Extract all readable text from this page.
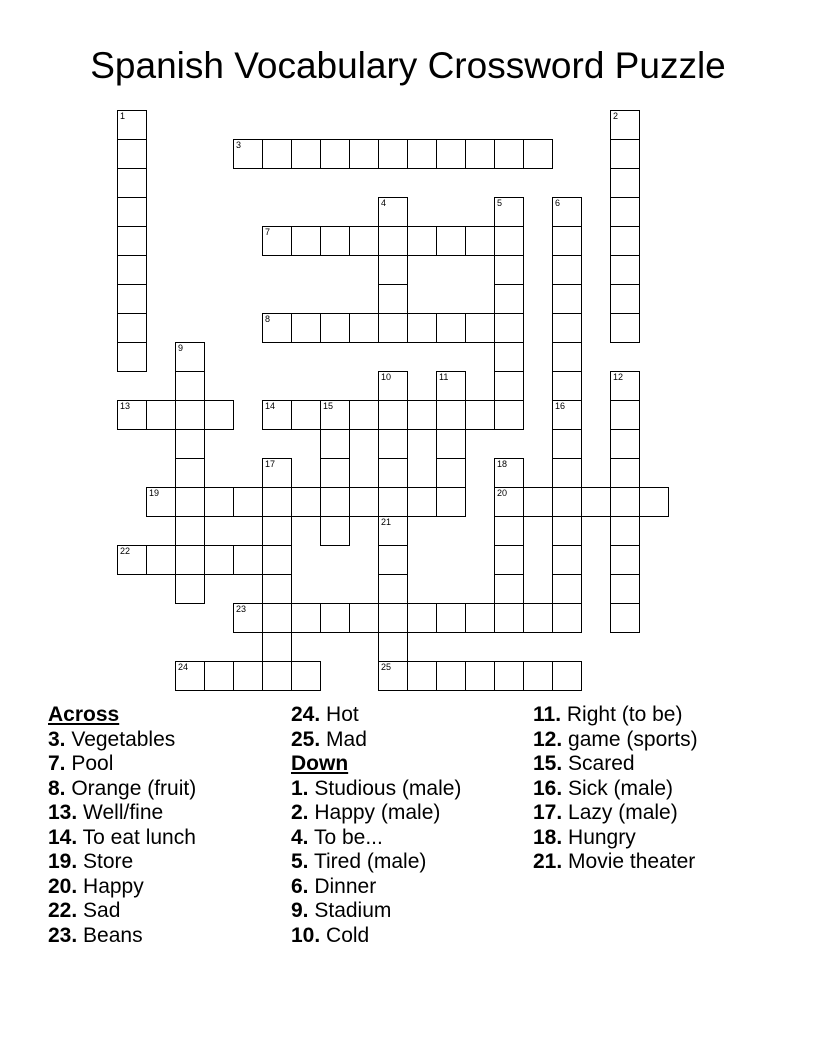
Spanish Vocabulary Crossword Puzzle
1	2
3
4	5	6
7
8
9
10	11	12
13	14	15	16
17	18
20
19
21
25
22
23
24
Across
3. Vegetables
7. Pool
8. Orange (fruit)
13. Well/fine
14. To eat lunch
19. Store
20. Happy
22. Sad
23. Beans
24. Hot
25. Mad
Down
1. Studious (male)
2. Happy (male)
4. To be...
5. Tired (male)
6. Dinner
9. Stadium
10. Cold
11. Right (to be)
12. game (sports)
15. Scared
16. Sick (male)
17. Lazy (male)
18. Hungry
21. Movie theater
